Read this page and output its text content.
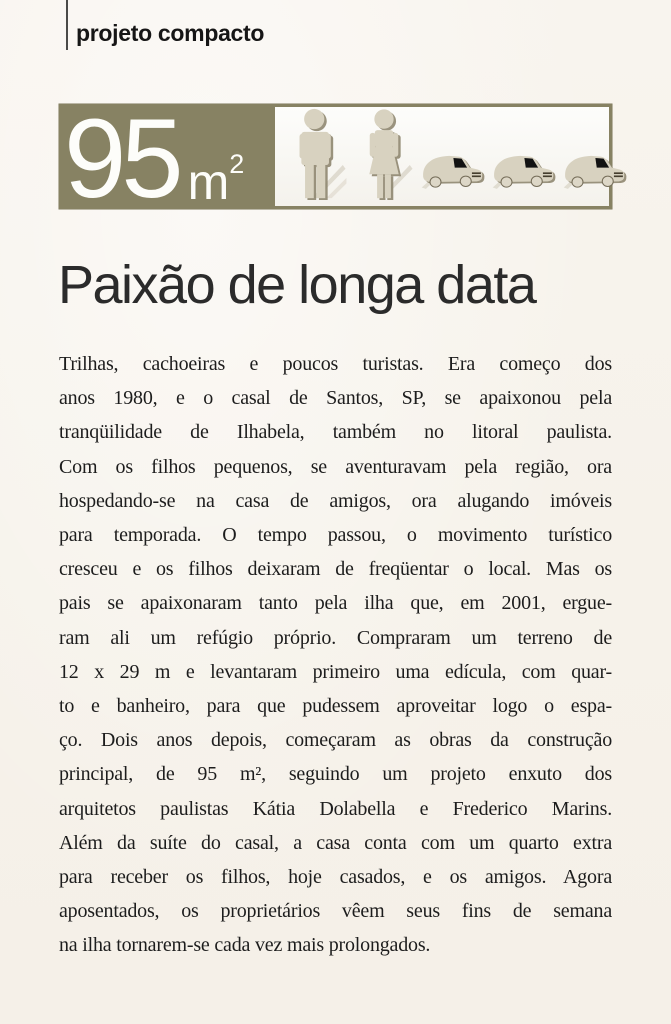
projeto compacto
95 $m^2$
Paixão de longa data
Trilhas, cachoeiras e poucos turistas. Era começo dos
anos 1980, e o casal de Santos, SP, se apaixonou pela
tranqüilidade de Ilhabela, também no litoral paulista.
Com os filhos pequenos, se aventuravam pela região, ora
hospedando-se na casa de amigos, ora alugando imóveis
para temporada. O tempo passou, o movimento turístico
cresceu e os filhos deixaram de freqüentar o local. Mas os
pais se apaixonaram tanto pela ilha que, em 2001, ergue-
ram ali um refúgio próprio. Compraram um terreno de
12 x 29 m e levantaram primeiro uma edícula, com quar-
to e banheiro, para que pudessem aproveitar logo o espa-
ço. Dois anos depois, começaram as obras da construção
principal, de 95 m², seguindo um projeto enxuto dos
arquitetos paulistas Kátia Dolabella e Frederico Marins.
Além da suíte do casal, a casa conta com um quarto extra
para receber os filhos, hoje casados, e os amigos. Agora
aposentados, os proprietários vêem seus fins de semana
na ilha tornarem-se cada vez mais prolongados.
